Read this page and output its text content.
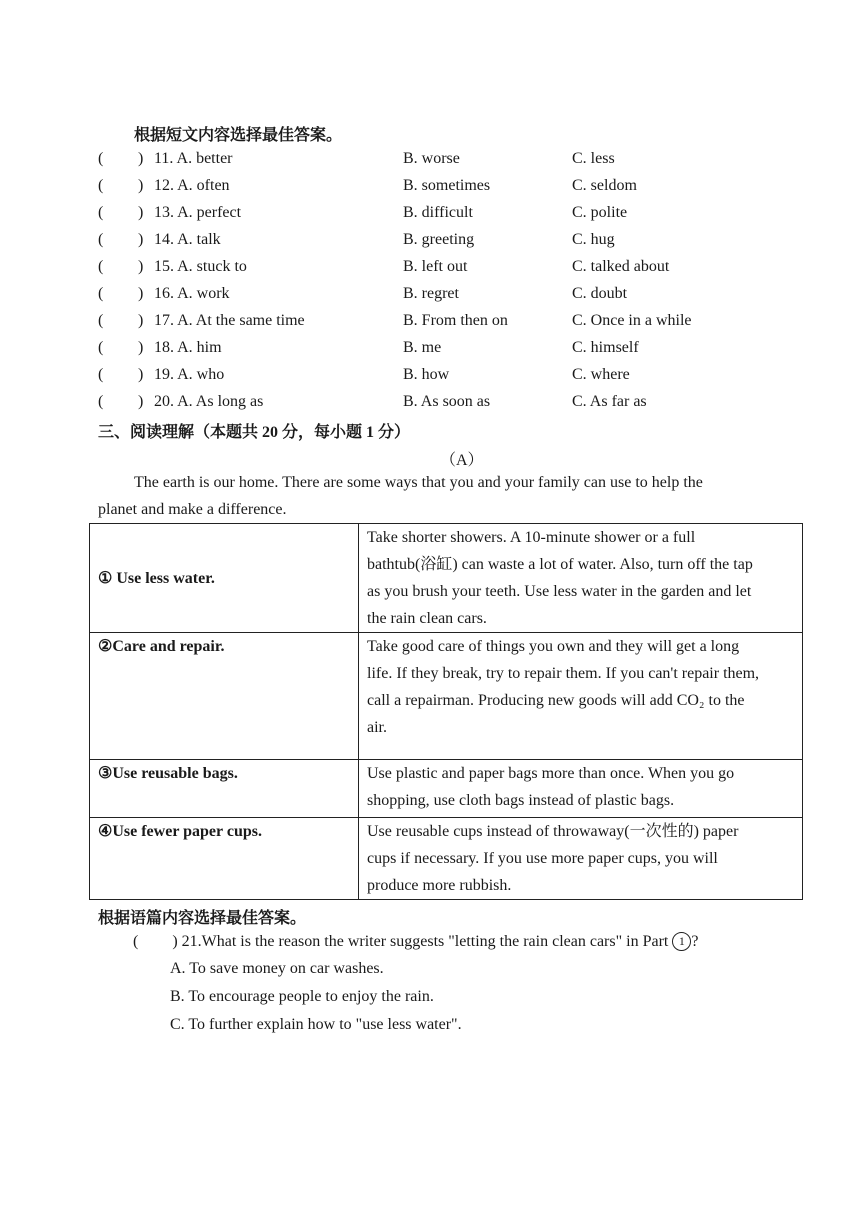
根据短文内容选择最佳答案。
( ) 11. A. better	B. worse	C. less
( ) 12. A. often	B. sometimes	C. seldom
( ) 13. A. perfect	B. difficult	C. polite
( ) 14. A. talk	B. greeting	C. hug
( ) 15. A. stuck to	B. left out	C. talked about
( ) 16. A. work	B. regret	C. doubt
( ) 17. A. At the same time	B. From then on	C. Once in a while
( ) 18. A. him	B. me	C. himself
( ) 19. A. who	B. how	C. where
( ) 20. A. As long as	B. As soon as	C. As far as
三、阅读理解（本题共 20 分，每小题 1 分）
（A）
The earth is our home. There are some ways that you and your family can use to help the
planet and make a difference.
① Use less water.	Take shorter showers. A 10-minute shower or a full
bathtub(浴缸) can waste a lot of water. Also, turn off the tap
as you brush your teeth. Use less water in the garden and let
the rain clean cars.

②Care and repair.	Take good care of things you own and they will get a long
life. If they break, try to repair them. If you can't repair them,
call a repairman. Producing new goods will add CO₂ to the
air.

③Use reusable bags.	Use plastic and paper bags more than once. When you go
shopping, use cloth bags instead of plastic bags.

④Use fewer paper cups.	Use reusable cups instead of throwaway(一次性的) paper
cups if necessary. If you use more paper cups, you will
produce more rubbish.
根据语篇内容选择最佳答案。
( ) 21.What is the reason the writer suggests "letting the rain clean cars" in Part 1 ?
A. To save money on car washes.
B. To encourage people to enjoy the rain.
C. To further explain how to "use less water".
